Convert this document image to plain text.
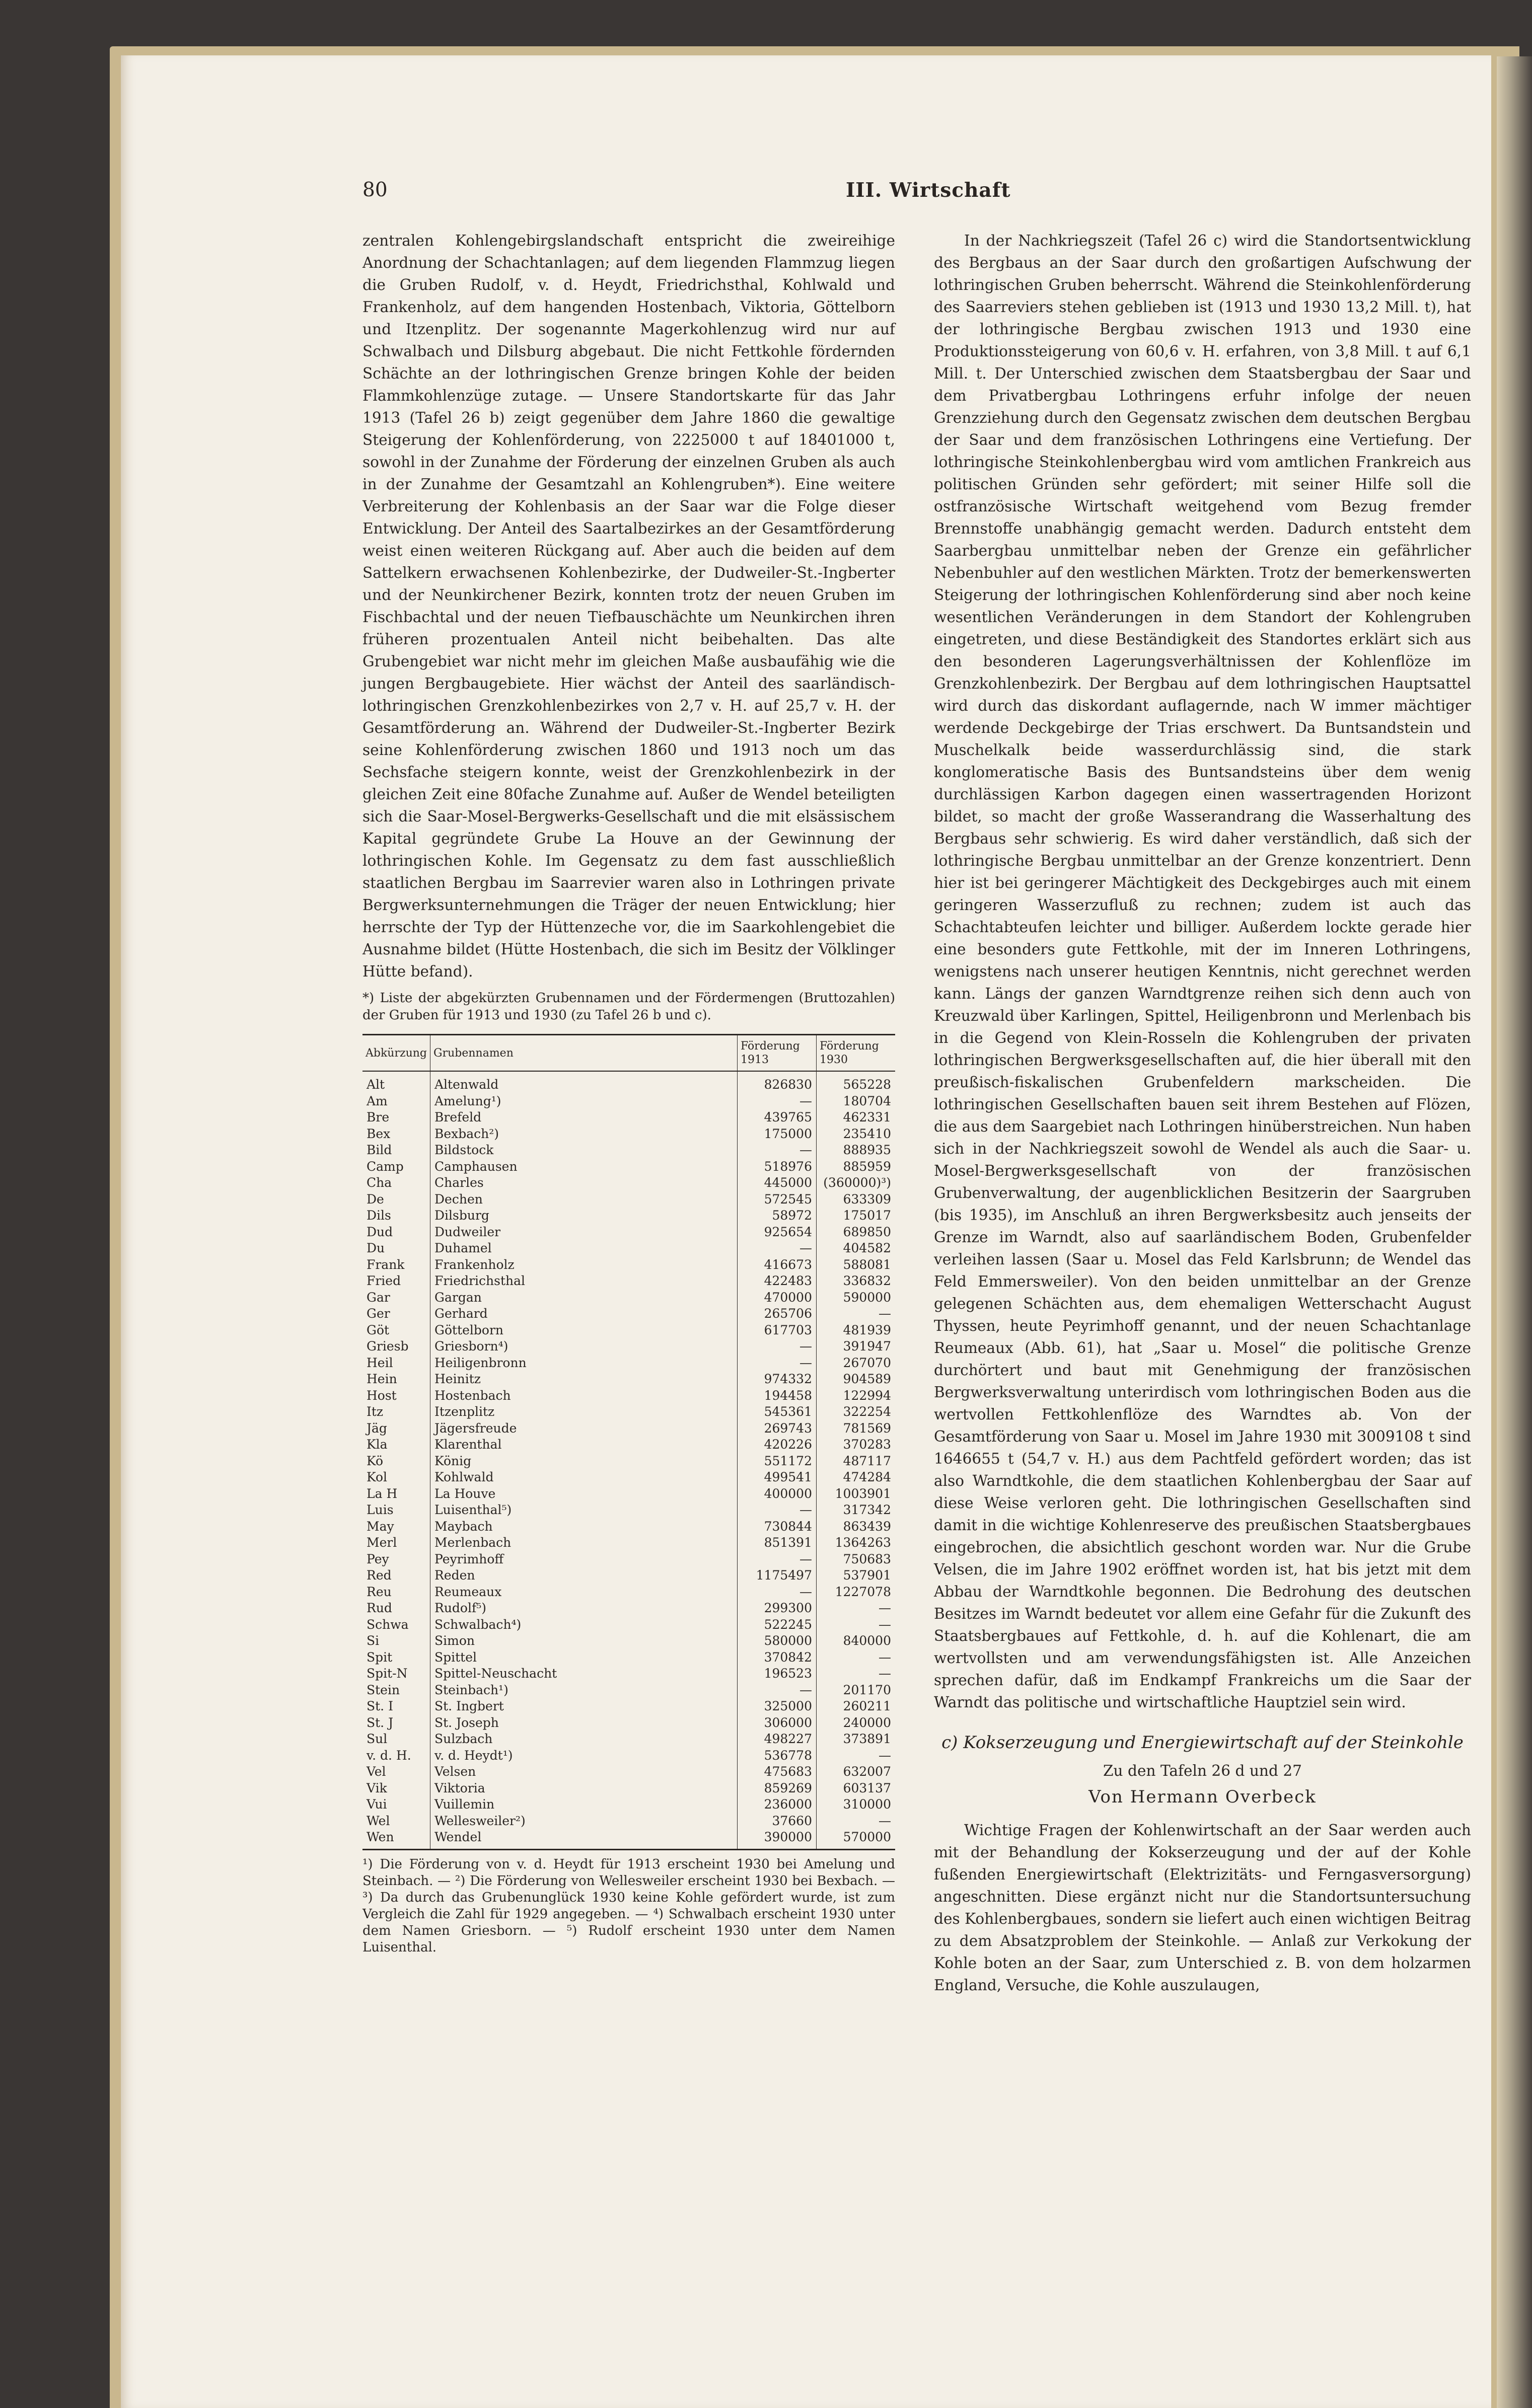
80	III. Wirtschaft

zentralen Kohlengebirgslandschaft entspricht die zweireihige Anordnung der Schachtanlagen; auf dem liegenden Flammzug liegen die Gruben Rudolf, v. d. Heydt, Friedrichsthal, Kohlwald und Frankenholz, auf dem hangenden Hostenbach, Viktoria, Göttelborn und Itzenplitz. Der sogenannte Magerkohlenzug wird nur auf Schwalbach und Dilsburg abgebaut. Die nicht Fettkohle fördernden Schächte an der lothringischen Grenze bringen Kohle der beiden Flammkohlenzüge zutage. — Unsere Standortskarte für das Jahr 1913 (Tafel 26 b) zeigt gegenüber dem Jahre 1860 die gewaltige Steigerung der Kohlenförderung, von 2225000 t auf 18401000 t, sowohl in der Zunahme der Förderung der einzelnen Gruben als auch in der Zunahme der Gesamtzahl an Kohlengruben*). Eine weitere Verbreiterung der Kohlenbasis an der Saar war die Folge dieser Entwicklung. Der Anteil des Saartalbezirkes an der Gesamtförderung weist einen weiteren Rückgang auf. Aber auch die beiden auf dem Sattelkern erwachsenen Kohlenbezirke, der Dudweiler-St.-Ingberter und der Neunkirchener Bezirk, konnten trotz der neuen Gruben im Fischbachtal und der neuen Tiefbauschächte um Neunkirchen ihren früheren prozentualen Anteil nicht beibehalten. Das alte Grubengebiet war nicht mehr im gleichen Maße ausbaufähig wie die jungen Bergbaugebiete. Hier wächst der Anteil des saarländisch-lothringischen Grenzkohlenbezirkes von 2,7 v. H. auf 25,7 v. H. der Gesamtförderung an. Während der Dudweiler-St.-Ingberter Bezirk seine Kohlenförderung zwischen 1860 und 1913 noch um das Sechsfache steigern konnte, weist der Grenzkohlenbezirk in der gleichen Zeit eine 80fache Zunahme auf. Außer de Wendel beteiligten sich die Saar-Mosel-Bergwerks-Gesellschaft und die mit elsässischem Kapital gegründete Grube La Houve an der Gewinnung der lothringischen Kohle. Im Gegensatz zu dem fast ausschließlich staatlichen Bergbau im Saarrevier waren also in Lothringen private Bergwerksunternehmungen die Träger der neuen Entwicklung; hier herrschte der Typ der Hüttenzeche vor, die im Saarkohlengebiet die Ausnahme bildet (Hütte Hostenbach, die sich im Besitz der Völklinger Hütte befand).

*) Liste der abgekürzten Grubennamen und der Fördermengen (Bruttozahlen) der Gruben für 1913 und 1930 (zu Tafel 26 b und c).
Abkürzung	Grubennamen	Förderung 1913	Förderung 1930
Alt	Altenwald	826830	565228
Am	Amelung¹)	—	180704
Bre	Brefeld	439765	462331
Bex	Bexbach²)	175000	235410
Bild	Bildstock	—	888935
Camp	Camphausen	518976	885959
Cha	Charles	445000	(360000)³)
De	Dechen	572545	633309
Dils	Dilsburg	58972	175017
Dud	Dudweiler	925654	689850
Du	Duhamel	—	404582
Frank	Frankenholz	416673	588081
Fried	Friedrichsthal	422483	336832
Gar	Gargan	470000	590000
Ger	Gerhard	265706	—
Göt	Göttelborn	617703	481939
Griesb	Griesborn⁴)	—	391947
Heil	Heiligenbronn	—	267070
Hein	Heinitz	974332	904589
Host	Hostenbach	194458	122994
Itz	Itzenplitz	545361	322254
Jäg	Jägersfreude	269743	781569
Kla	Klarenthal	420226	370283
Kö	König	551172	487117
Kol	Kohlwald	499541	474284
La H	La Houve	400000	1003901
Luis	Luisenthal⁵)	—	317342
May	Maybach	730844	863439
Merl	Merlenbach	851391	1364263
Pey	Peyrimhoff	—	750683
Red	Reden	1175497	537901
Reu	Reumeaux	—	1227078
Rud	Rudolf⁵)	299300	—
Schwa	Schwalbach⁴)	522245	—
Si	Simon	580000	840000
Spit	Spittel	370842	—
Spit-N	Spittel-Neuschacht	196523	—
Stein	Steinbach¹)	—	201170
St. I	St. Ingbert	325000	260211
St. J	St. Joseph	306000	240000
Sul	Sulzbach	498227	373891
v. d. H.	v. d. Heydt¹)	536778	—
Vel	Velsen	475683	632007
Vik	Viktoria	859269	603137
Vui	Vuillemin	236000	310000
Wel	Wellesweiler²)	37660	—
Wen	Wendel	390000	570000
¹) Die Förderung von v. d. Heydt für 1913 erscheint 1930 bei Amelung und Steinbach. — ²) Die Förderung von Wellesweiler erscheint 1930 bei Bexbach. — ³) Da durch das Grubenunglück 1930 keine Kohle gefördert wurde, ist zum Vergleich die Zahl für 1929 angegeben. — ⁴) Schwalbach erscheint 1930 unter dem Namen Griesborn. — ⁵) Rudolf erscheint 1930 unter dem Namen Luisenthal.

In der Nachkriegszeit (Tafel 26 c) wird die Standortsentwicklung des Bergbaus an der Saar durch den großartigen Aufschwung der lothringischen Gruben beherrscht. Während die Steinkohlenförderung des Saarreviers stehen geblieben ist (1913 und 1930 13,2 Mill. t), hat der lothringische Bergbau zwischen 1913 und 1930 eine Produktionssteigerung von 60,6 v. H. erfahren, von 3,8 Mill. t auf 6,1 Mill. t. Der Unterschied zwischen dem Staatsbergbau der Saar und dem Privatbergbau Lothringens erfuhr infolge der neuen Grenzziehung durch den Gegensatz zwischen dem deutschen Bergbau der Saar und dem französischen Lothringens eine Vertiefung. Der lothringische Steinkohlenbergbau wird vom amtlichen Frankreich aus politischen Gründen sehr gefördert; mit seiner Hilfe soll die ostfranzösische Wirtschaft weitgehend vom Bezug fremder Brennstoffe unabhängig gemacht werden. Dadurch entsteht dem Saarbergbau unmittelbar neben der Grenze ein gefährlicher Nebenbuhler auf den westlichen Märkten. Trotz der bemerkenswerten Steigerung der lothringischen Kohlenförderung sind aber noch keine wesentlichen Veränderungen in dem Standort der Kohlengruben eingetreten, und diese Beständigkeit des Standortes erklärt sich aus den besonderen Lagerungsverhältnissen der Kohlenflöze im Grenzkohlenbezirk. Der Bergbau auf dem lothringischen Hauptsattel wird durch das diskordant auflagernde, nach W immer mächtiger werdende Deckgebirge der Trias erschwert. Da Buntsandstein und Muschelkalk beide wasserdurchlässig sind, die stark konglomeratische Basis des Buntsandsteins über dem wenig durchlässigen Karbon dagegen einen wassertragenden Horizont bildet, so macht der große Wasserandrang die Wasserhaltung des Bergbaus sehr schwierig. Es wird daher verständlich, daß sich der lothringische Bergbau unmittelbar an der Grenze konzentriert. Denn hier ist bei geringerer Mächtigkeit des Deckgebirges auch mit einem geringeren Wasserzufluß zu rechnen; zudem ist auch das Schachtabteufen leichter und billiger. Außerdem lockte gerade hier eine besonders gute Fettkohle, mit der im Inneren Lothringens, wenigstens nach unserer heutigen Kenntnis, nicht gerechnet werden kann. Längs der ganzen Warndtgrenze reihen sich denn auch von Kreuzwald über Karlingen, Spittel, Heiligenbronn und Merlenbach bis in die Gegend von Klein-Rosseln die Kohlengruben der privaten lothringischen Bergwerksgesellschaften auf, die hier überall mit den preußisch-fiskalischen Grubenfeldern markscheiden. Die lothringischen Gesellschaften bauen seit ihrem Bestehen auf Flözen, die aus dem Saargebiet nach Lothringen hinüberstreichen. Nun haben sich in der Nachkriegszeit sowohl de Wendel als auch die Saar- u. Mosel-Bergwerksgesellschaft von der französischen Grubenverwaltung, der augenblicklichen Besitzerin der Saargruben (bis 1935), im Anschluß an ihren Bergwerksbesitz auch jenseits der Grenze im Warndt, also auf saarländischem Boden, Grubenfelder verleihen lassen (Saar u. Mosel das Feld Karlsbrunn; de Wendel das Feld Emmersweiler). Von den beiden unmittelbar an der Grenze gelegenen Schächten aus, dem ehemaligen Wetterschacht August Thyssen, heute Peyrimhoff genannt, und der neuen Schachtanlage Reumeaux (Abb. 61), hat „Saar u. Mosel“ die politische Grenze durchörtert und baut mit Genehmigung der französischen Bergwerksverwaltung unterirdisch vom lothringischen Boden aus die wertvollen Fettkohlenflöze des Warndtes ab. Von der Gesamtförderung von Saar u. Mosel im Jahre 1930 mit 3009108 t sind 1646655 t (54,7 v. H.) aus dem Pachtfeld gefördert worden; das ist also Warndtkohle, die dem staatlichen Kohlenbergbau der Saar auf diese Weise verloren geht. Die lothringischen Gesellschaften sind damit in die wichtige Kohlenreserve des preußischen Staatsbergbaues eingebrochen, die absichtlich geschont worden war. Nur die Grube Velsen, die im Jahre 1902 eröffnet worden ist, hat bis jetzt mit dem Abbau der Warndtkohle begonnen. Die Bedrohung des deutschen Besitzes im Warndt bedeutet vor allem eine Gefahr für die Zukunft des Staatsbergbaues auf Fettkohle, d. h. auf die Kohlenart, die am wertvollsten und am verwendungsfähigsten ist. Alle Anzeichen sprechen dafür, daß im Endkampf Frankreichs um die Saar der Warndt das politische und wirtschaftliche Hauptziel sein wird.

c) Kokserzeugung und Energiewirtschaft auf der Steinkohle
Zu den Tafeln 26 d und 27
Von Hermann Overbeck

Wichtige Fragen der Kohlenwirtschaft an der Saar werden auch mit der Behandlung der Kokserzeugung und der auf der Kohle fußenden Energiewirtschaft (Elektrizitäts- und Ferngasversorgung) angeschnitten. Diese ergänzt nicht nur die Standortsuntersuchung des Kohlenbergbaues, sondern sie liefert auch einen wichtigen Beitrag zu dem Absatzproblem der Steinkohle. — Anlaß zur Verkokung der Kohle boten an der Saar, zum Unterschied z. B. von dem holzarmen England, Versuche, die Kohle auszulaugen,
